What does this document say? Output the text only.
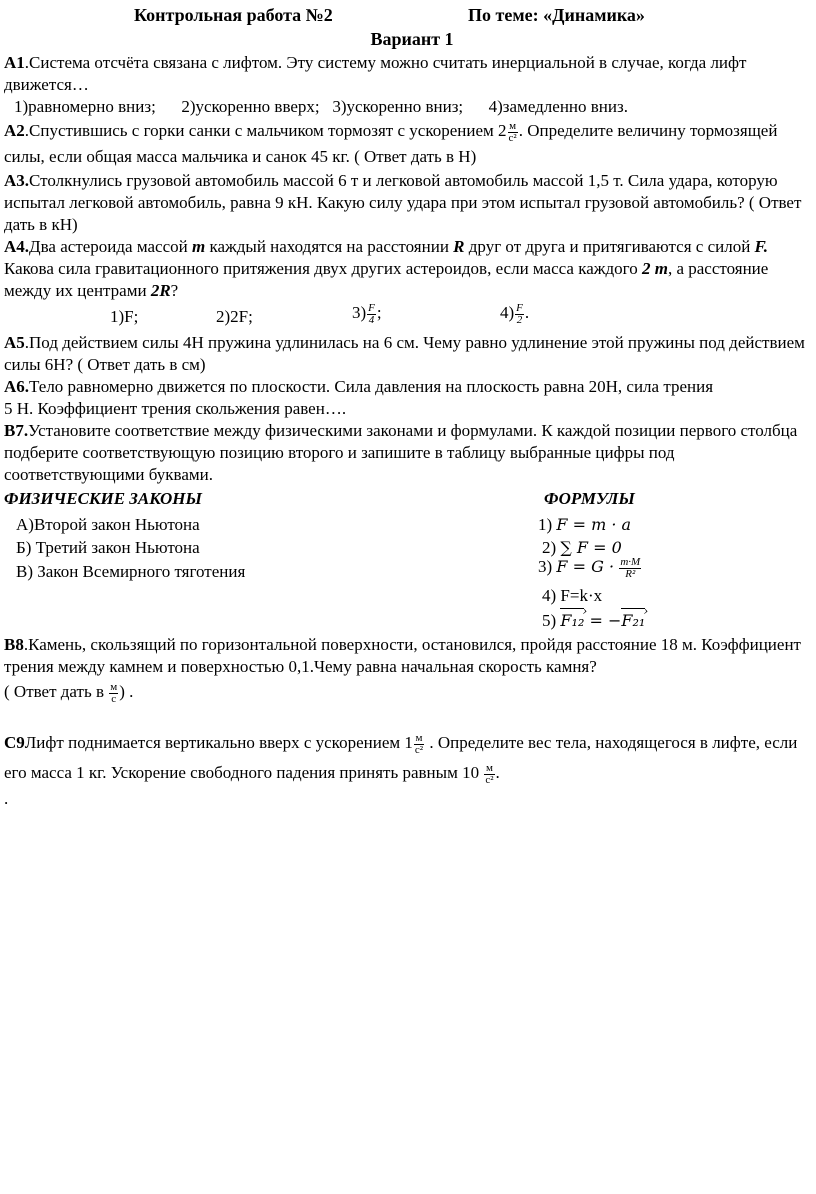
Контрольная работа №2	По теме: «Динамика»
Вариант 1

А1.Система отсчёта связана с лифтом. Эту систему можно считать инерциальной в случае, когда лифт движется…

1)равномерно вниз;      2)ускоренно вверх;   3)ускоренно вниз;      4)замедленно вниз.

А2.Спустившись с горки санки с мальчиком тормозят с ускорением $2 \frac{м}{\text{с²}}$ . Определите величину тормозящей силы, если общая масса мальчика и санок 45 кг. ( Ответ дать в Н)

А3.Столкнулись грузовой автомобиль массой 6 т и легковой автомобиль массой 1,5 т. Сила удара, которую испытал легковой автомобиль, равна 9 кН. Какую силу удара при этом испытал грузовой автомобиль? ( Ответ дать в кН)

А4.Два астероида массой m каждый находятся на расстоянии R друг от друга и притягиваются с силой F. Какова сила гравитационного притяжения двух других астероидов, если масса каждого 2 m, а расстояние между их центрами 2R?

1)F;	2)2F;	$3) \frac{F}{4}$ ;	$4) \frac{F}{2}$ .

А5.Под действием силы 4Н пружина удлинилась на 6 см. Чему равно удлинение этой пружины под действием силы 6Н? ( Ответ дать в см)

А6.Тело равномерно движется по плоскости. Сила давления на плоскость равна 20Н, сила трения
5 Н. Коэффициент трения скольжения равен….

В7.Установите соответствие между физическими законами и формулами. К каждой позиции первого столбца подберите соответствующую позицию второго и запишите в таблицу выбранные цифры под соответствующими буквами.

ФИЗИЧЕСКИЕ ЗАКОНЫ	ФОРМУЛЫ
А)Второй закон Ньютона
Б) Третий закон Ньютона
В) Закон Всемирного тяготения
1) F = m · a
2) ∑ F = 0
3) $F = G \cdot \frac{m\cdot M}{\text{R²}}$
4) F=k·x
5) F₁₂ › = −F₂₁ ›

В8.Камень, скользящий по горизонтальной поверхности, остановился, пройдя расстояние 18 м. Коэффициент трения между камнем и поверхностью 0,1.Чему равна начальная скорость камня?

( Ответ дать в $\frac{м}{с}$ ) .

С9Лифт поднимается вертикально вверх с ускорением $1 \frac{м}{\text{с²}}$ . Определите вес тела, находящегося в лифте, если его масса 1 кг. Ускорение свободного падения принять равным $10 \frac{м}{\text{с²}}$ .

.
